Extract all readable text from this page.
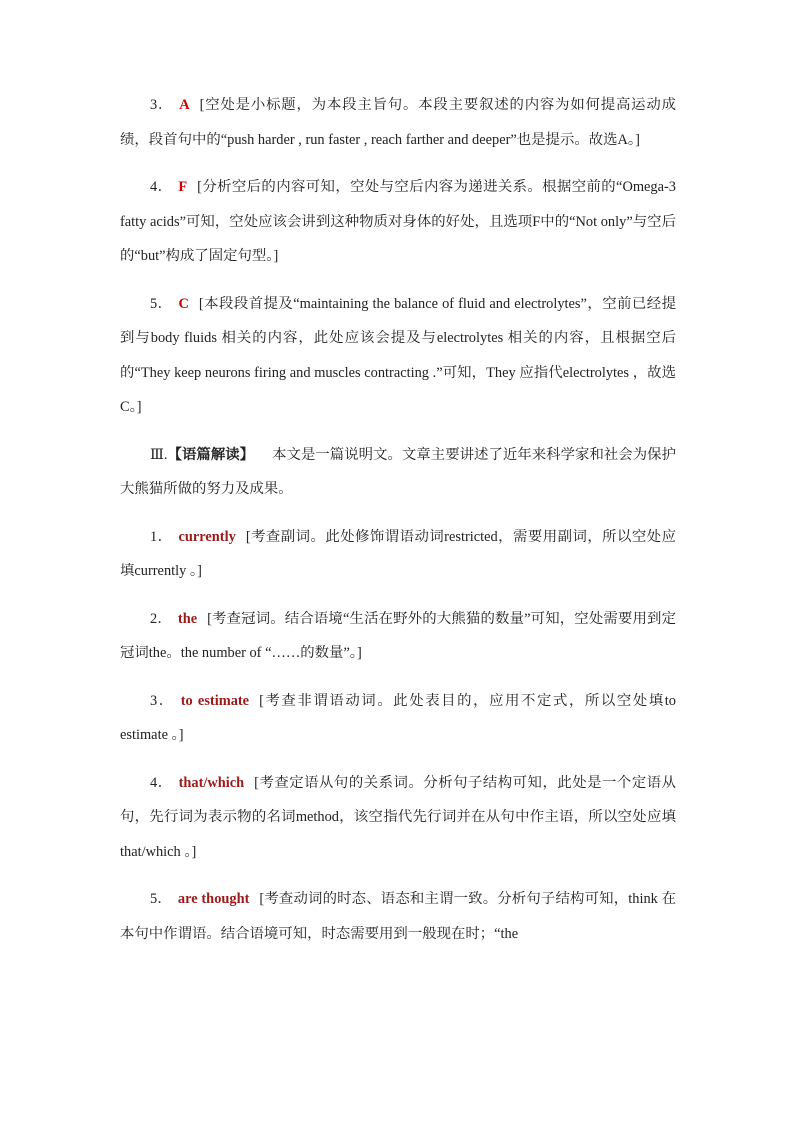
3． A [空处是小标题，为本段主旨句。本段主要叙述的内容为如何提高运动成绩，段首句中的“push harder , run faster , reach farther and deeper”也是提示。故选A。]

4． F [分析空后的内容可知，空处与空后内容为递进关系。根据空前的“Omega-3 fatty acids”可知，空处应该会讲到这种物质对身体的好处，且选项F中的“Not only”与空后的“but”构成了固定句型。]

5． C [本段段首提及“maintaining the balance of fluid and electrolytes”，空前已经提到与body fluids 相关的内容，此处应该会提及与electrolytes 相关的内容，且根据空后的“They keep neurons firing and muscles contracting .”可知，They 应指代electrolytes ，故选C。]

Ⅲ.【语篇解读】 本文是一篇说明文。文章主要讲述了近年来科学家和社会为保护大熊猫所做的努力及成果。

1． currently [考查副词。此处修饰谓语动词restricted，需要用副词，所以空处应填currently 。]

2． the [考查冠词。结合语境“生活在野外的大熊猫的数量”可知，空处需要用到定冠词the。the number of “……的数量”。]

3． to estimate [考查非谓语动词。此处表目的，应用不定式，所以空处填to estimate 。]

4． that/which [考查定语从句的关系词。分析句子结构可知，此处是一个定语从句，先行词为表示物的名词method，该空指代先行词并在从句中作主语，所以空处应填that/which 。]

5． are thought [考查动词的时态、语态和主谓一致。分析句子结构可知，think 在本句中作谓语。结合语境可知，时态需要用到一般现在时；“the
